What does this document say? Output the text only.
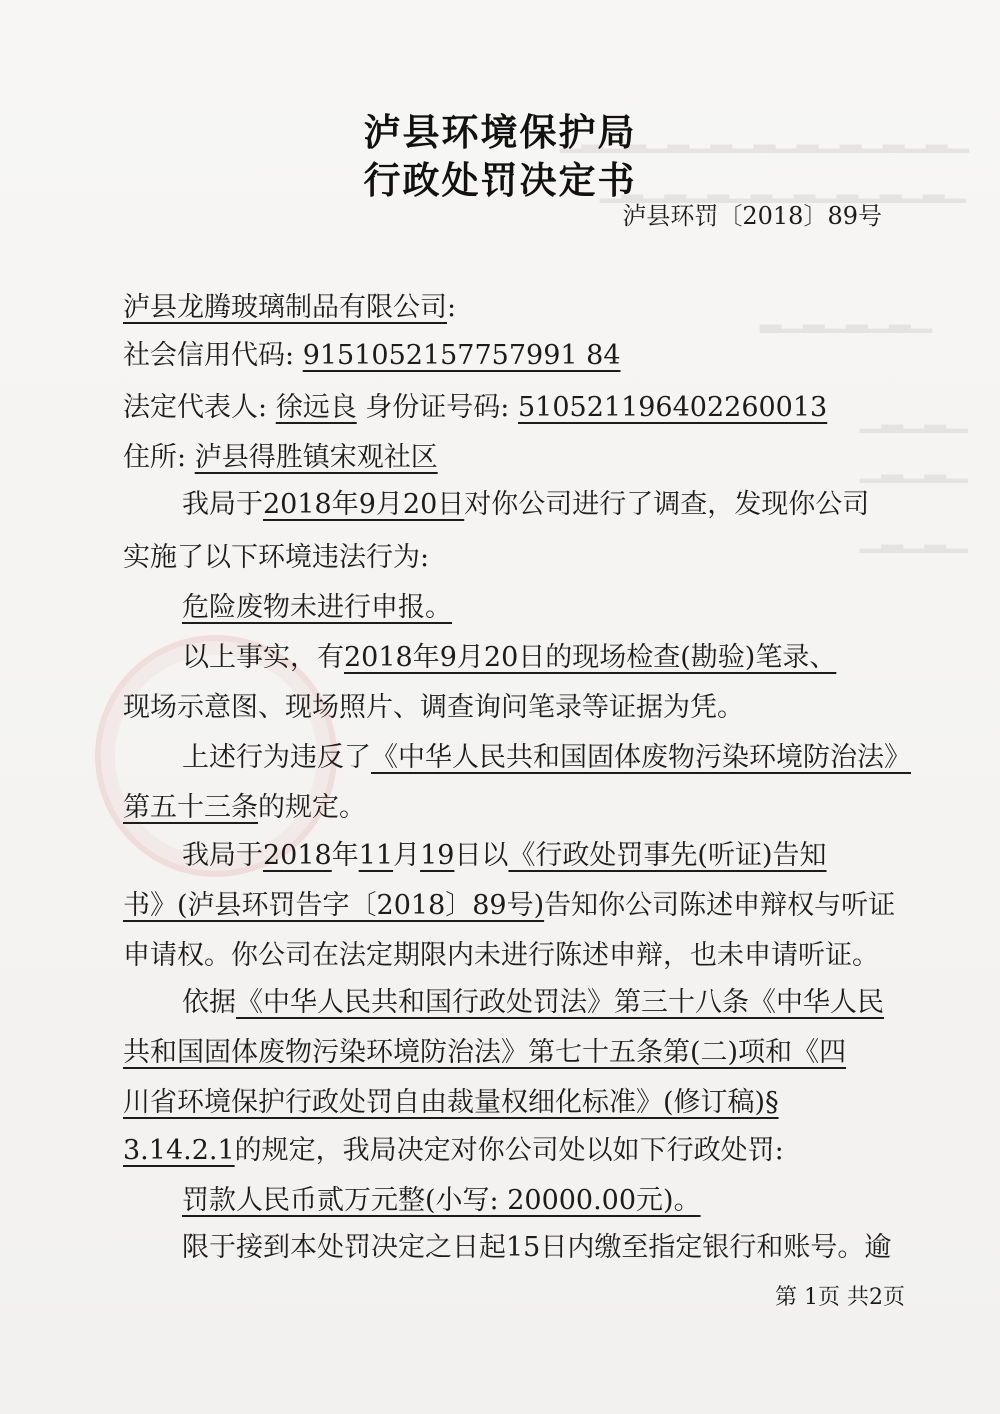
▁▂▁▂▁▂▁▂▁▂▁▂▁▂▁▂▁▂▁
▁▂▁▂▁▂▁▂▁▂▁▂▁▂▁▂▁
▁▂▁▂▁▂▁▂
▁▂▁▂▁
▁▂▁▂▁
▁▂▁▂▁
泸县环境保护局
行政处罚决定书
泸县环罚〔2018〕89号
泸县龙腾玻璃制品有限公司:
社会信用代码: 9151052157757991 84
法定代表人: 徐远良 身份证号码: 510521196402260013
住所: 泸县得胜镇宋观社区
我局于2018年9月20日对你公司进行了调查，发现你公司
实施了以下环境违法行为:
危险废物未进行申报。
以上事实，有2018年9月20日的现场检查(勘验)笔录、
现场示意图、现场照片、调查询问笔录等证据为凭。
上述行为违反了《中华人民共和国固体废物污染环境防治法》
第五十三条的规定。
我局于2018年11月19日以《行政处罚事先(听证)告知
书》(泸县环罚告字〔2018〕89号)告知你公司陈述申辩权与听证
申请权。你公司在法定期限内未进行陈述申辩，也未申请听证。
依据《中华人民共和国行政处罚法》第三十八条《中华人民
共和国固体废物污染环境防治法》第七十五条第(二)项和《四
川省环境保护行政处罚自由裁量权细化标准》(修订稿)§
3.14.2.1的规定，我局决定对你公司处以如下行政处罚:
罚款人民币贰万元整(小写: 20000.00元)。
限于接到本处罚决定之日起15日内缴至指定银行和账号。逾
第 1页 共2页
